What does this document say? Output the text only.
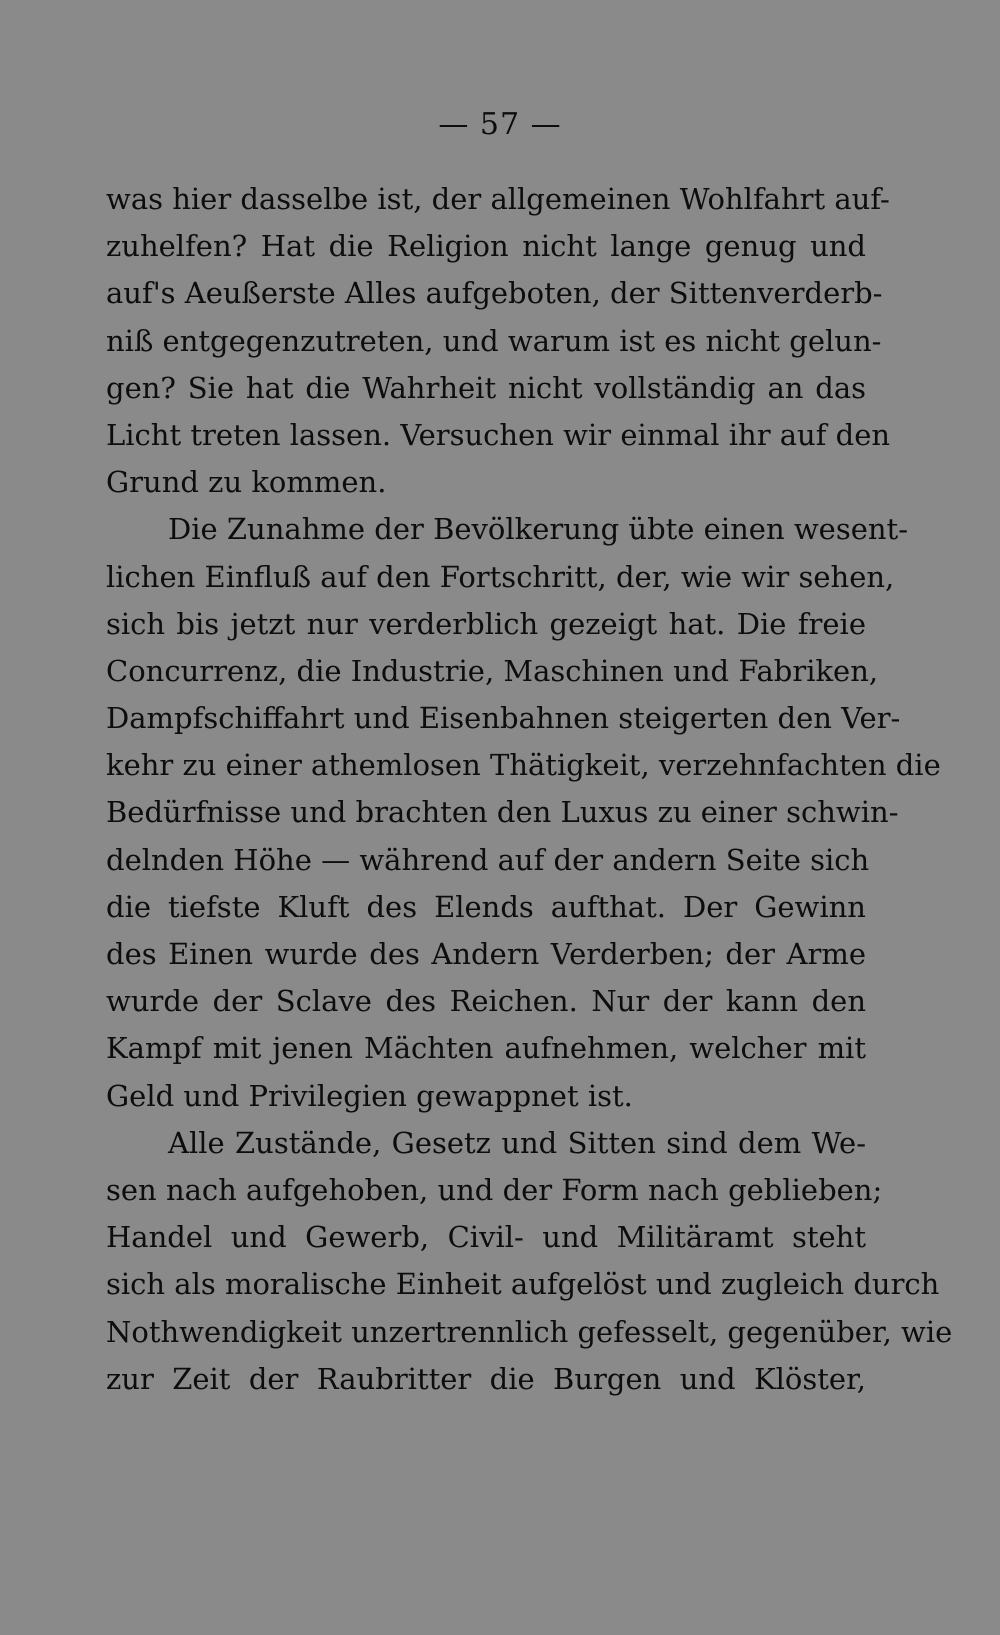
— 57 —
was hier dasselbe ist, der allgemeinen Wohlfahrt auf-
zuhelfen? Hat die Religion nicht lange genug und
auf's Aeußerste Alles aufgeboten, der Sittenverderb-
niß entgegenzutreten, und warum ist es nicht gelun-
gen? Sie hat die Wahrheit nicht vollständig an das
Licht treten lassen. Versuchen wir einmal ihr auf den
Grund zu kommen.
Die Zunahme der Bevölkerung übte einen wesent-
lichen Einfluß auf den Fortschritt, der, wie wir sehen,
sich bis jetzt nur verderblich gezeigt hat. Die freie
Concurrenz, die Industrie, Maschinen und Fabriken,
Dampfschiffahrt und Eisenbahnen steigerten den Ver-
kehr zu einer athemlosen Thätigkeit, verzehnfachten die
Bedürfnisse und brachten den Luxus zu einer schwin-
delnden Höhe — während auf der andern Seite sich
die tiefste Kluft des Elends aufthat. Der Gewinn
des Einen wurde des Andern Verderben; der Arme
wurde der Sclave des Reichen. Nur der kann den
Kampf mit jenen Mächten aufnehmen, welcher mit
Geld und Privilegien gewappnet ist.
Alle Zustände, Gesetz und Sitten sind dem We-
sen nach aufgehoben, und der Form nach geblieben;
Handel und Gewerb, Civil- und Militäramt steht
sich als moralische Einheit aufgelöst und zugleich durch
Nothwendigkeit unzertrennlich gefesselt, gegenüber, wie
zur Zeit der Raubritter die Burgen und Klöster,
